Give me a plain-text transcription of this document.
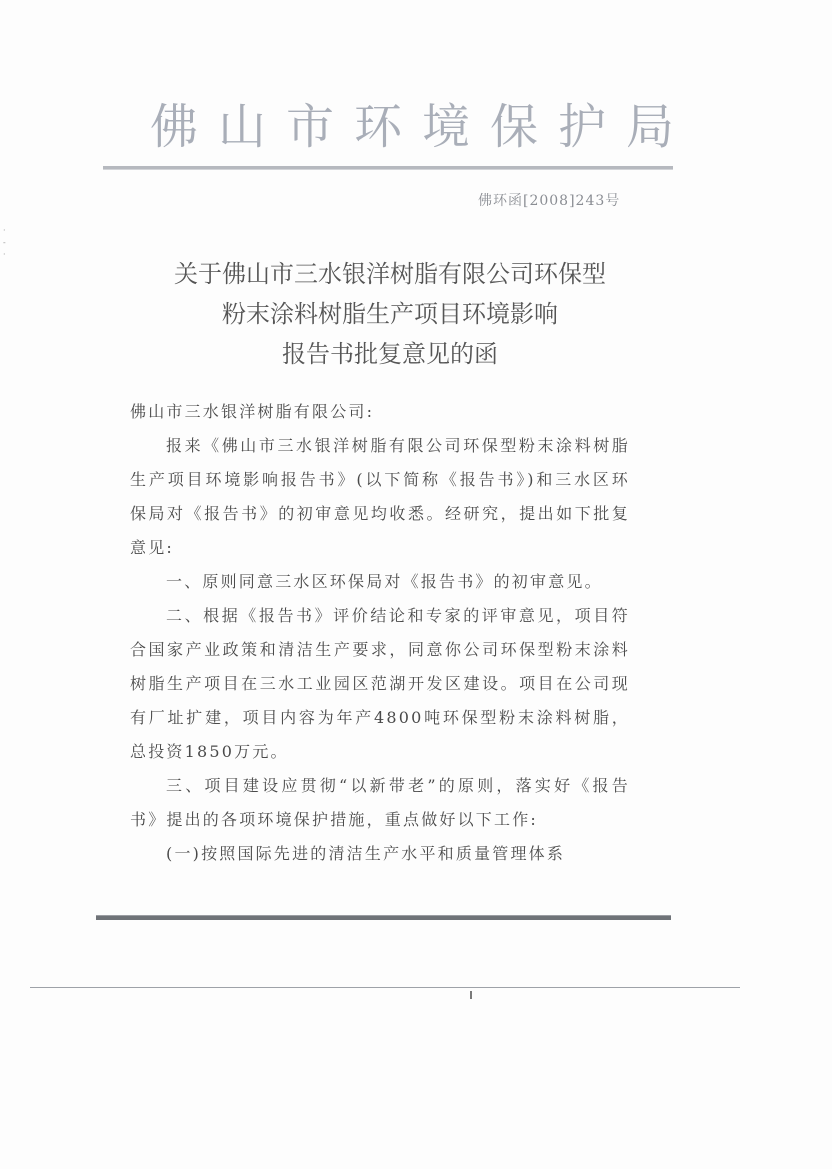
·
-
·
佛山市环境保护局
佛环函[2008]243号
关于佛山市三水银洋树脂有限公司环保型
粉末涂料树脂生产项目环境影响
报告书批复意见的函

佛山市三水银洋树脂有限公司:

报来《佛山市三水银洋树脂有限公司环保型粉末涂料树脂生产项目环境影响报告书》(以下简称《报告书》)和三水区环保局对《报告书》的初审意见均收悉。经研究，提出如下批复意见:

一、原则同意三水区环保局对《报告书》的初审意见。

二、根据《报告书》评价结论和专家的评审意见，项目符合国家产业政策和清洁生产要求，同意你公司环保型粉末涂料树脂生产项目在三水工业园区范湖开发区建设。项目在公司现有厂址扩建，项目内容为年产4800吨环保型粉末涂料树脂，总投资1850万元。

三、项目建设应贯彻“以新带老”的原则，落实好《报告书》提出的各项环境保护措施，重点做好以下工作:

(一)按照国际先进的清洁生产水平和质量管理体系
